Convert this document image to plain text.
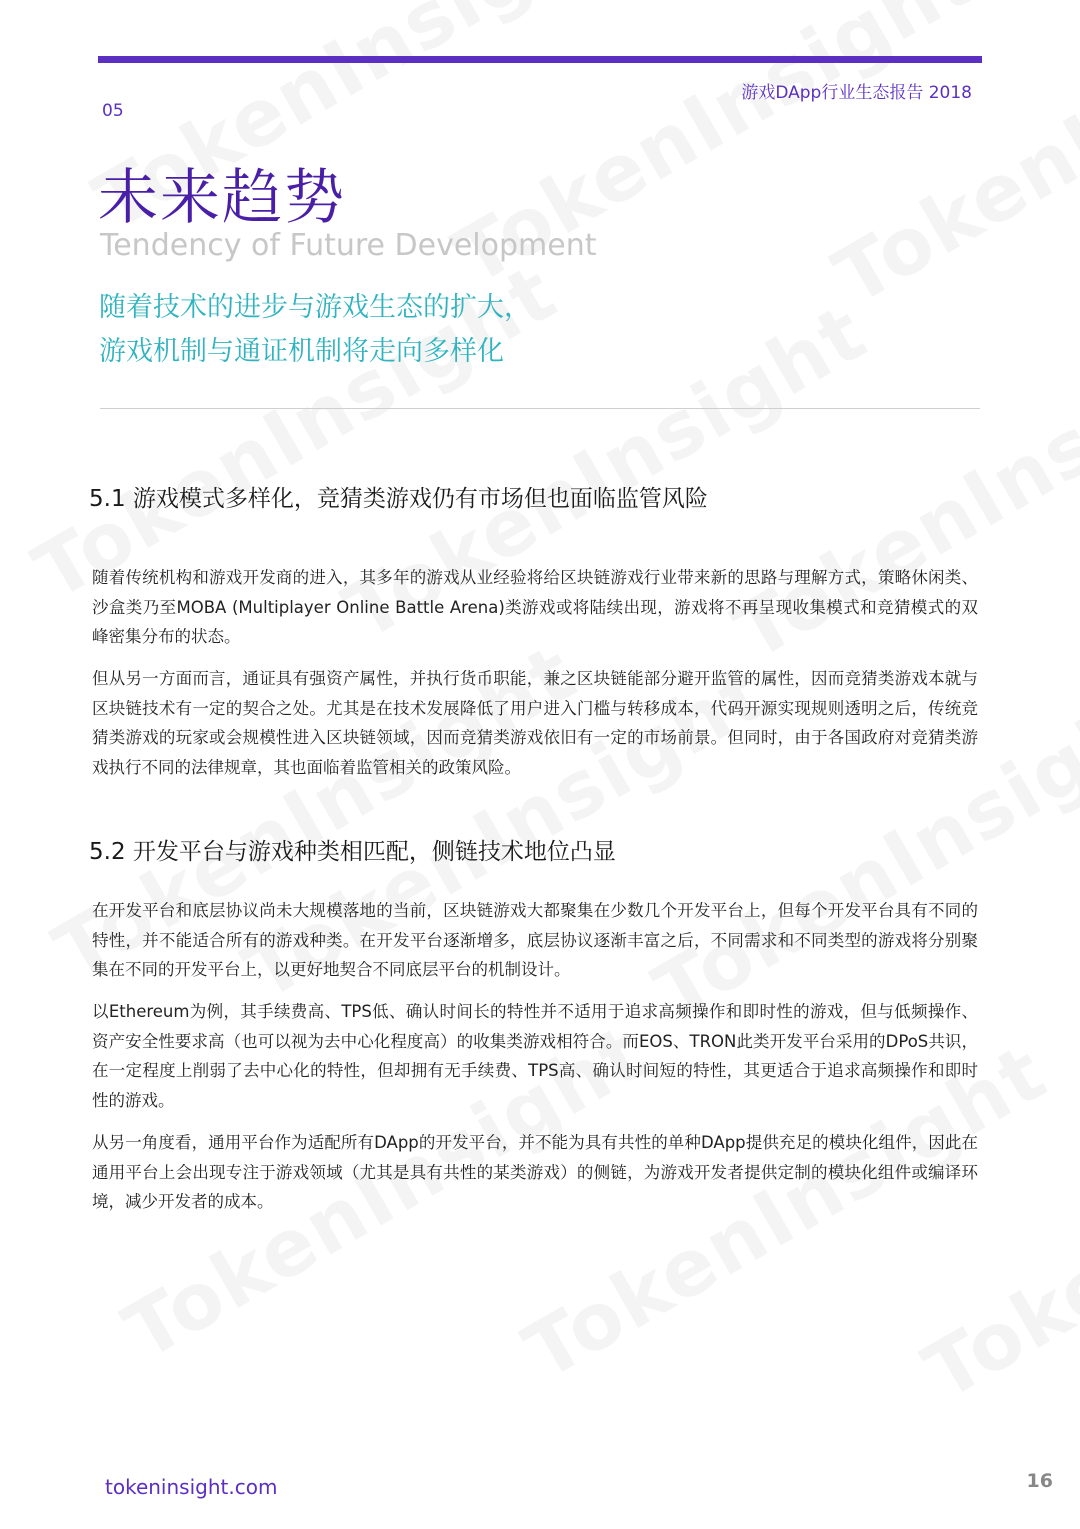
游戏DApp行业生态报告 2018
05
未来趋势
Tendency of Future Development
随着技术的进步与游戏生态的扩大，
游戏机制与通证机制将走向多样化
5.1 游戏模式多样化，竞猜类游戏仍有市场但也面临监管风险
随着传统机构和游戏开发商的进入，其多年的游戏从业经验将给区块链游戏行业带来新的思路与理解方式，策略休闲类、沙盒类乃至MOBA (Multiplayer Online Battle Arena)类游戏或将陆续出现，游戏将不再呈现收集模式和竞猜模式的双峰密集分布的状态。
但从另一方面而言，通证具有强资产属性，并执行货币职能，兼之区块链能部分避开监管的属性，因而竞猜类游戏本就与区块链技术有一定的契合之处。尤其是在技术发展降低了用户进入门槛与转移成本，代码开源实现规则透明之后，传统竞猜类游戏的玩家或会规模性进入区块链领域，因而竞猜类游戏依旧有一定的市场前景。但同时，由于各国政府对竞猜类游戏执行不同的法律规章，其也面临着监管相关的政策风险。
5.2 开发平台与游戏种类相匹配，侧链技术地位凸显
在开发平台和底层协议尚未大规模落地的当前，区块链游戏大都聚集在少数几个开发平台上，但每个开发平台具有不同的特性，并不能适合所有的游戏种类。在开发平台逐渐增多，底层协议逐渐丰富之后，不同需求和不同类型的游戏将分别聚集在不同的开发平台上，以更好地契合不同底层平台的机制设计。
以Ethereum为例，其手续费高、TPS低、确认时间长的特性并不适用于追求高频操作和即时性的游戏，但与低频操作、资产安全性要求高（也可以视为去中心化程度高）的收集类游戏相符合。而EOS、TRON此类开发平台采用的DPoS共识，在一定程度上削弱了去中心化的特性，但却拥有无手续费、TPS高、确认时间短的特性，其更适合于追求高频操作和即时性的游戏。
从另一角度看，通用平台作为适配所有DApp的开发平台，并不能为具有共性的单种DApp提供充足的模块化组件，因此在通用平台上会出现专注于游戏领域（尤其是具有共性的某类游戏）的侧链，为游戏开发者提供定制的模块化组件或编译环境，减少开发者的成本。
tokeninsight.com	16
